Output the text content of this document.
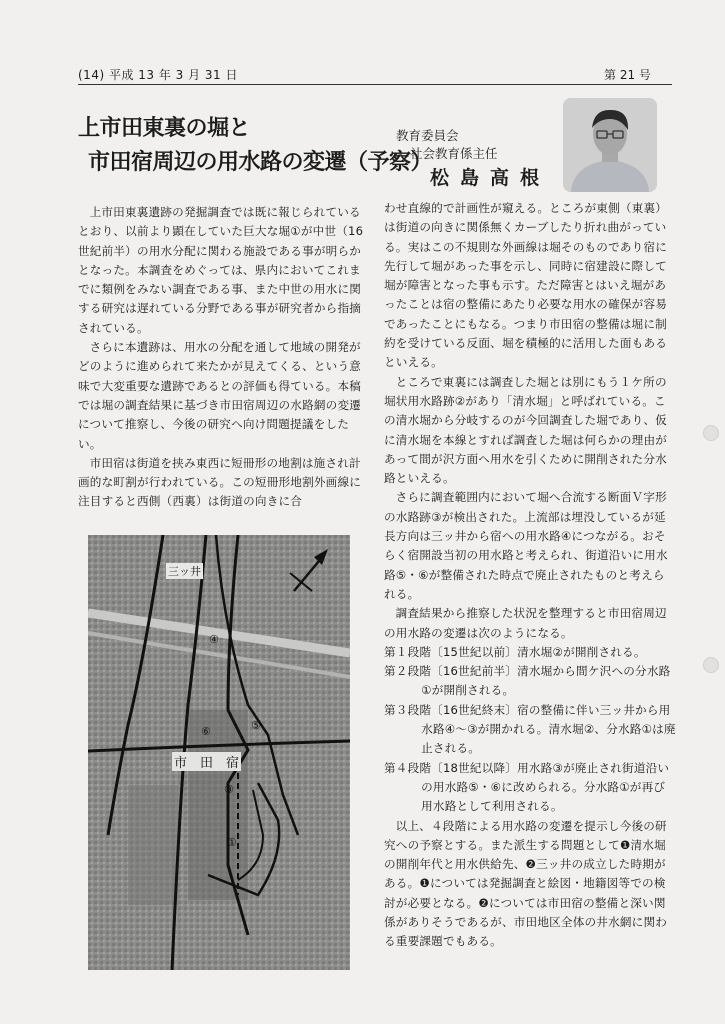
(14) 平成 13 年 3 月 31 日	第 21 号
上市田東裏の堀と
市田宿周辺の用水路の変遷（予察）
教育委員会
社会教育係主任
松島高根

上市田東裏遺跡の発掘調査では既に報じられているとおり、以前より顕在していた巨大な堀①が中世（16世紀前半）の用水分配に関わる施設である事が明らかとなった。本調査をめぐっては、県内においてこれまでに類例をみない調査である事、また中世の用水に関する研究は遅れている分野である事が研究者から指摘されている。

さらに本遺跡は、用水の分配を通して地域の開発がどのように進められて来たかが見えてくる、という意味で大変重要な遺跡であるとの評価も得ている。本稿では堀の調査結果に基づき市田宿周辺の水路網の変遷について推察し、今後の研究へ向け問題提議をしたい。

市田宿は街道を挟み東西に短冊形の地割は施され計画的な町割が行われている。この短冊形地割外画線に注目すると西側（西裏）は街道の向きに合

三ッ井
市　田　宿
①
④
⑤
⑥
③

わせ直線的で計画性が窺える。ところが東側（東裏）は街道の向きに関係無くカーブしたり折れ曲がっている。実はこの不規則な外画線は堀そのものであり宿に先行して堀があった事を示し、同時に宿建設に際して堀が障害となった事も示す。ただ障害とはいえ堀があったことは宿の整備にあたり必要な用水の確保が容易であったことにもなる。つまり市田宿の整備は堀に制約を受けている反面、堀を積極的に活用した面もあるといえる。

ところで東裏には調査した堀とは別にもう１ケ所の堀状用水路跡②があり「清水堀」と呼ばれている。この清水堀から分岐するのが今回調査した堀であり、仮に清水堀を本線とすれば調査した堀は何らかの理由があって間が沢方面へ用水を引くために開削された分水路といえる。

さらに調査範囲内において堀へ合流する断面Ｖ字形の水路跡③が検出された。上流部は埋没しているが延長方向は三ッ井から宿への用水路④につながる。おそらく宿開設当初の用水路と考えられ、街道沿いに用水路⑤・⑥が整備された時点で廃止されたものと考えられる。

調査結果から推察した状況を整理すると市田宿周辺の用水路の変遷は次のようになる。

第１段階〔15世紀以前〕清水堀②が開削される。

第２段階〔16世紀前半〕清水堀から間ケ沢への分水路①が開削される。

第３段階〔16世紀終末〕宿の整備に伴い三ッ井から用水路④～③が開かれる。清水堀②、分水路①は廃止される。

第４段階〔18世紀以降〕用水路③が廃止され街道沿いの用水路⑤・⑥に改められる。分水路①が再び用水路として利用される。

以上、４段階による用水路の変遷を提示し今後の研究への予察とする。また派生する問題として❶清水堀の開削年代と用水供給先、❷三ッ井の成立した時期がある。❶については発掘調査と絵図・地籍図等での検討が必要となる。❷については市田宿の整備と深い関係がありそうであるが、市田地区全体の井水網に関わる重要課題でもある。
